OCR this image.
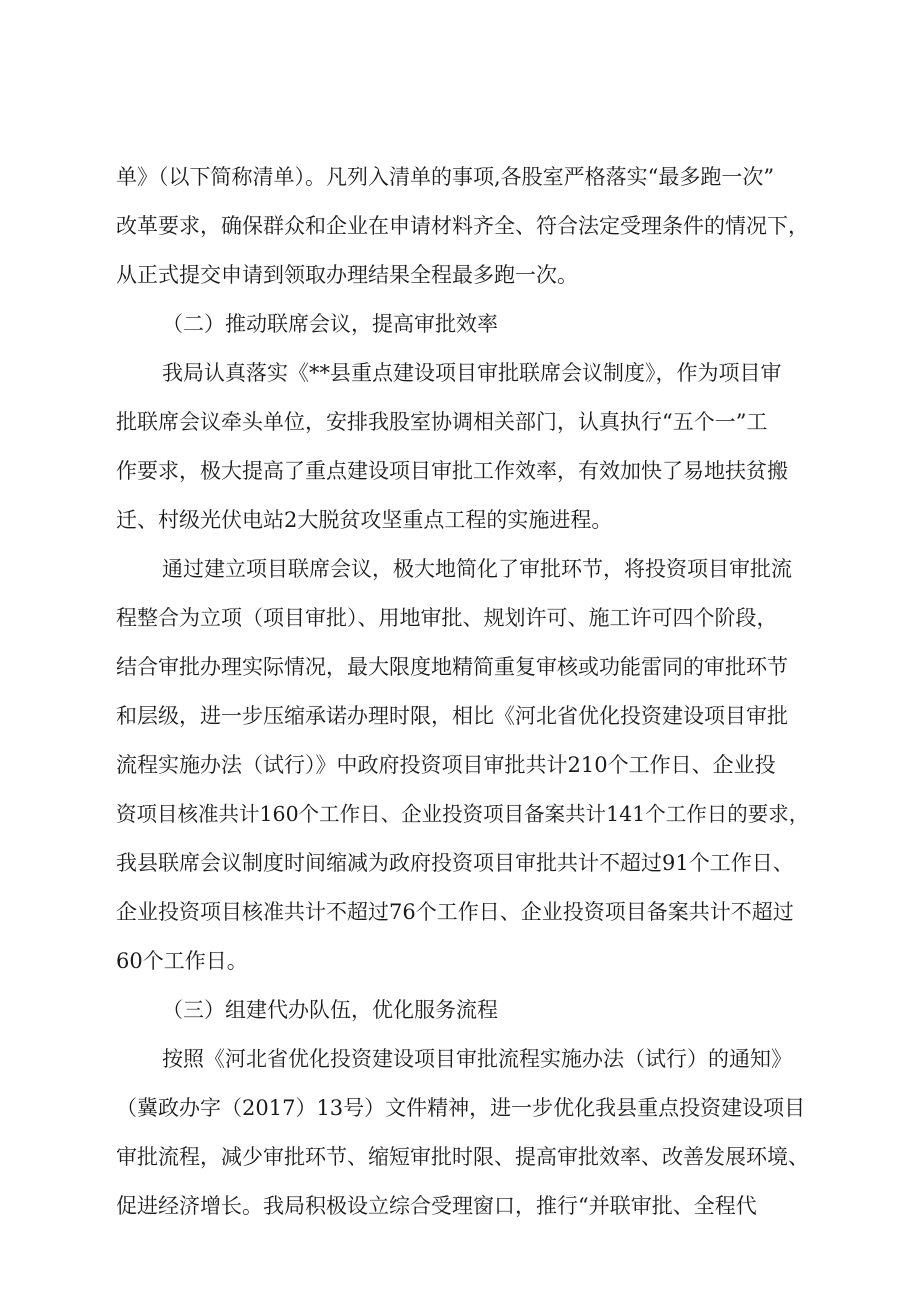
单》（以下简称清单）。凡列入清单的事项,各股室严格落实“最多跑一次”
改革要求，确保群众和企业在申请材料齐全、符合法定受理条件的情况下，
从正式提交申请到领取办理结果全程最多跑一次。
（二）推动联席会议，提高审批效率
我局认真落实《**县重点建设项目审批联席会议制度》，作为项目审
批联席会议牵头单位，安排我股室协调相关部门，认真执行“五个一”工
作要求，极大提高了重点建设项目审批工作效率，有效加快了易地扶贫搬
迁、村级光伏电站2大脱贫攻坚重点工程的实施进程。
通过建立项目联席会议，极大地简化了审批环节，将投资项目审批流
程整合为立项（项目审批）、用地审批、规划许可、施工许可四个阶段，
结合审批办理实际情况，最大限度地精简重复审核或功能雷同的审批环节
和层级，进一步压缩承诺办理时限，相比《河北省优化投资建设项目审批
流程实施办法（试行）》中政府投资项目审批共计210个工作日、企业投
资项目核准共计160个工作日、企业投资项目备案共计141个工作日的要求，
我县联席会议制度时间缩减为政府投资项目审批共计不超过91个工作日、
企业投资项目核准共计不超过76个工作日、企业投资项目备案共计不超过
60个工作日。
（三）组建代办队伍，优化服务流程
按照《河北省优化投资建设项目审批流程实施办法（试行）的通知》
（冀政办字（2017）13号）文件精神，进一步优化我县重点投资建设项目
审批流程，减少审批环节、缩短审批时限、提高审批效率、改善发展环境、
促进经济增长。我局积极设立综合受理窗口，推行“并联审批、全程代
